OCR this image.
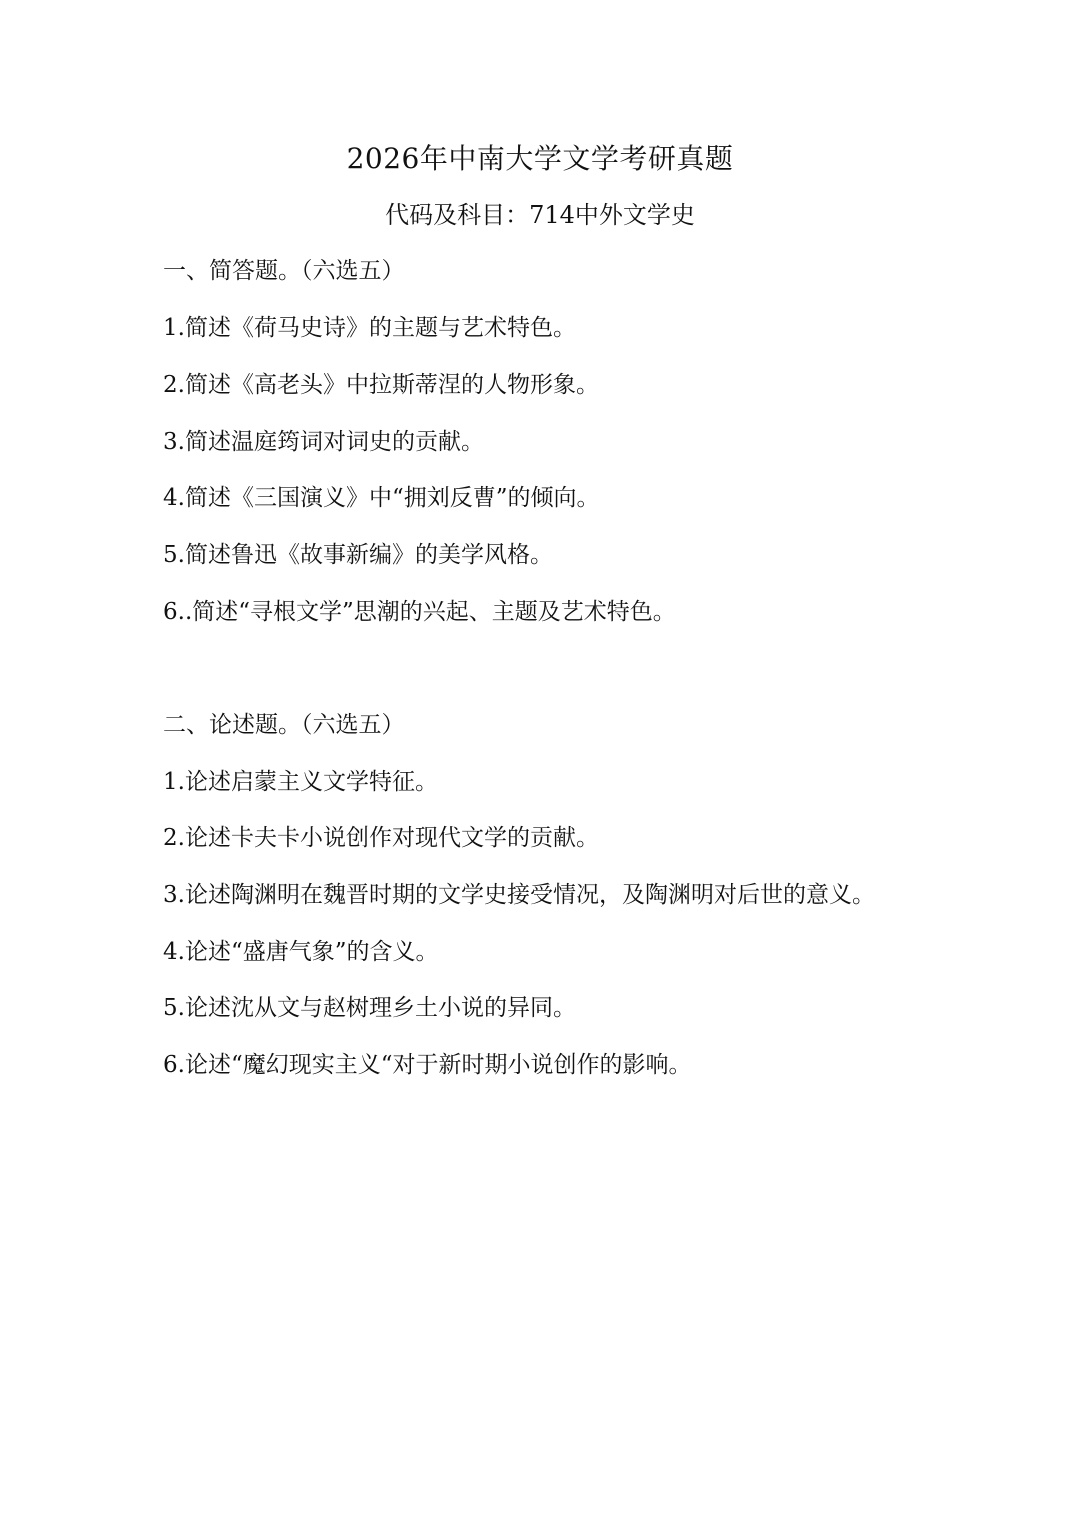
2026年中南大学文学考研真题
代码及科目：714中外文学史
一、简答题。（六选五）
1.简述《荷马史诗》的主题与艺术特色。
2.简述《高老头》中拉斯蒂涅的人物形象。
3.简述温庭筠词对词史的贡献。
4.简述《三国演义》中“拥刘反曹”的倾向。
5.简述鲁迅《故事新编》的美学风格。
6..简述“寻根文学”思潮的兴起、主题及艺术特色。
二、论述题。（六选五）
1.论述启蒙主义文学特征。
2.论述卡夫卡小说创作对现代文学的贡献。
3.论述陶渊明在魏晋时期的文学史接受情况，及陶渊明对后世的意义。
4.论述“盛唐气象”的含义。
5.论述沈从文与赵树理乡土小说的异同。
6.论述“魔幻现实主义“对于新时期小说创作的影响。
